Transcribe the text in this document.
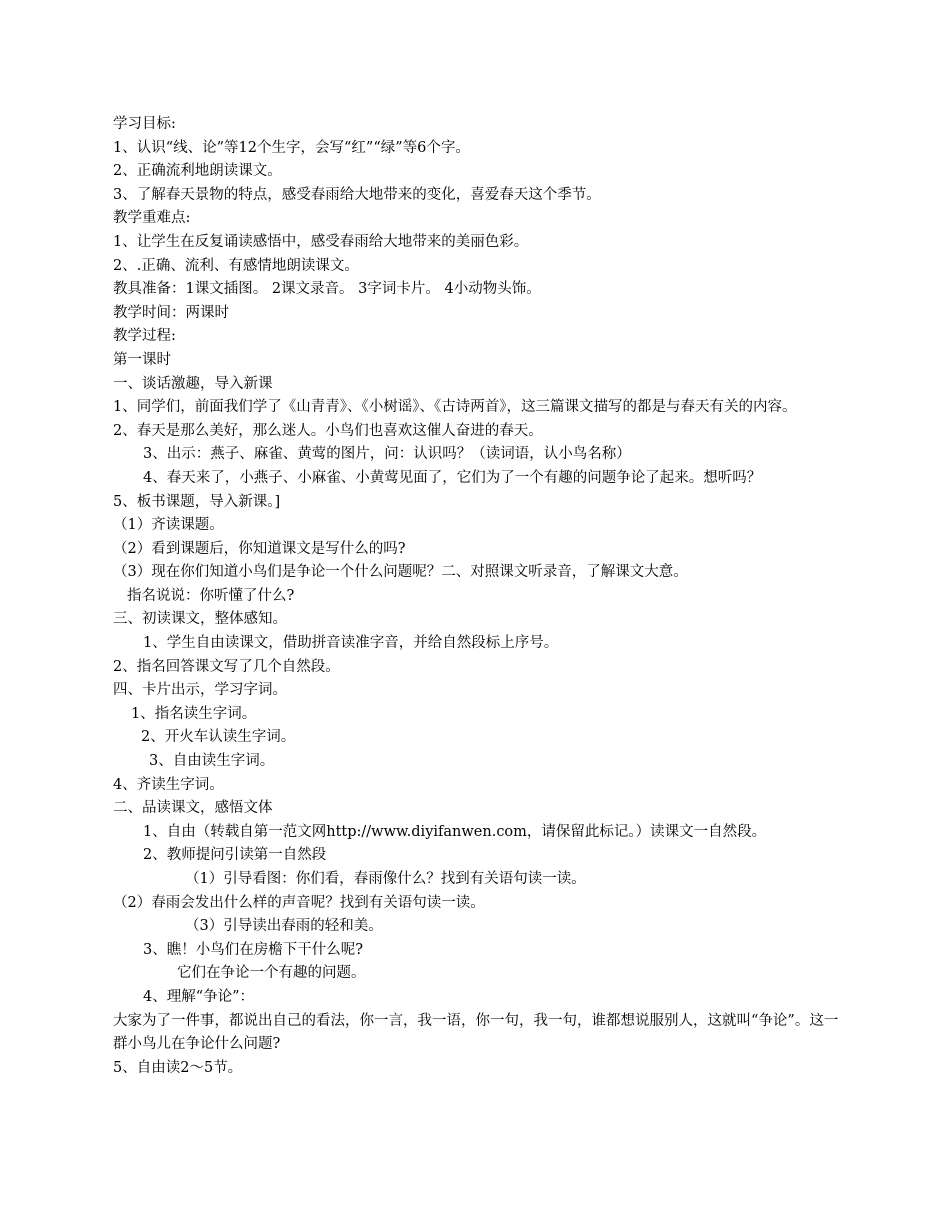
学习目标:
1、认识“线、论”等12个生字，会写“红”“绿”等6个字。
2、正确流利地朗读课文。
3、了解春天景物的特点，感受春雨给大地带来的变化，喜爱春天这个季节。
教学重难点:
1、让学生在反复诵读感悟中，感受春雨给大地带来的美丽色彩。
2、.正确、流利、有感情地朗读课文。
教具准备：1课文插图。 2课文录音。 3字词卡片。 4小动物头饰。
教学时间：两课时
教学过程:
第一课时
一、谈话激趣，导入新课
1、同学们，前面我们学了《山青青》、《小树谣》、《古诗两首》，这三篇课文描写的都是与春天有关的内容。
2、春天是那么美好，那么迷人。小鸟们也喜欢这催人奋进的春天。
3、出示：燕子、麻雀、黄莺的图片，问：认识吗？（读词语，认小鸟名称）
4、春天来了，小燕子、小麻雀、小黄莺见面了，它们为了一个有趣的问题争论了起来。想听吗？
5、板书课题，导入新课。]
（1）齐读课题。
（2）看到课题后，你知道课文是写什么的吗?
（3）现在你们知道小鸟们是争论一个什么问题呢？二、对照课文听录音，了解课文大意。
指名说说：你听懂了什么?
三、初读课文，整体感知。
1、学生自由读课文，借助拼音读准字音，并给自然段标上序号。
2、指名回答课文写了几个自然段。
四、卡片出示，学习字词。
1、指名读生字词。
2、开火车认读生字词。
3、自由读生字词。
4、齐读生字词。
二、品读课文，感悟文体
1、自由（转载自第一范文网http://www.diyifanwen.com，请保留此标记。）读课文一自然段。
2、教师提问引读第一自然段
（1）引导看图：你们看，春雨像什么？找到有关语句读一读。
（2）春雨会发出什么样的声音呢？找到有关语句读一读。
（3）引导读出春雨的轻和美。
3、瞧！小鸟们在房檐下干什么呢?
它们在争论一个有趣的问题。
4、理解“争论”：
大家为了一件事，都说出自己的看法，你一言，我一语，你一句，我一句，谁都想说服别人，这就叫“争论”。这一群小鸟儿在争论什么问题?
5、自由读2～5节。
